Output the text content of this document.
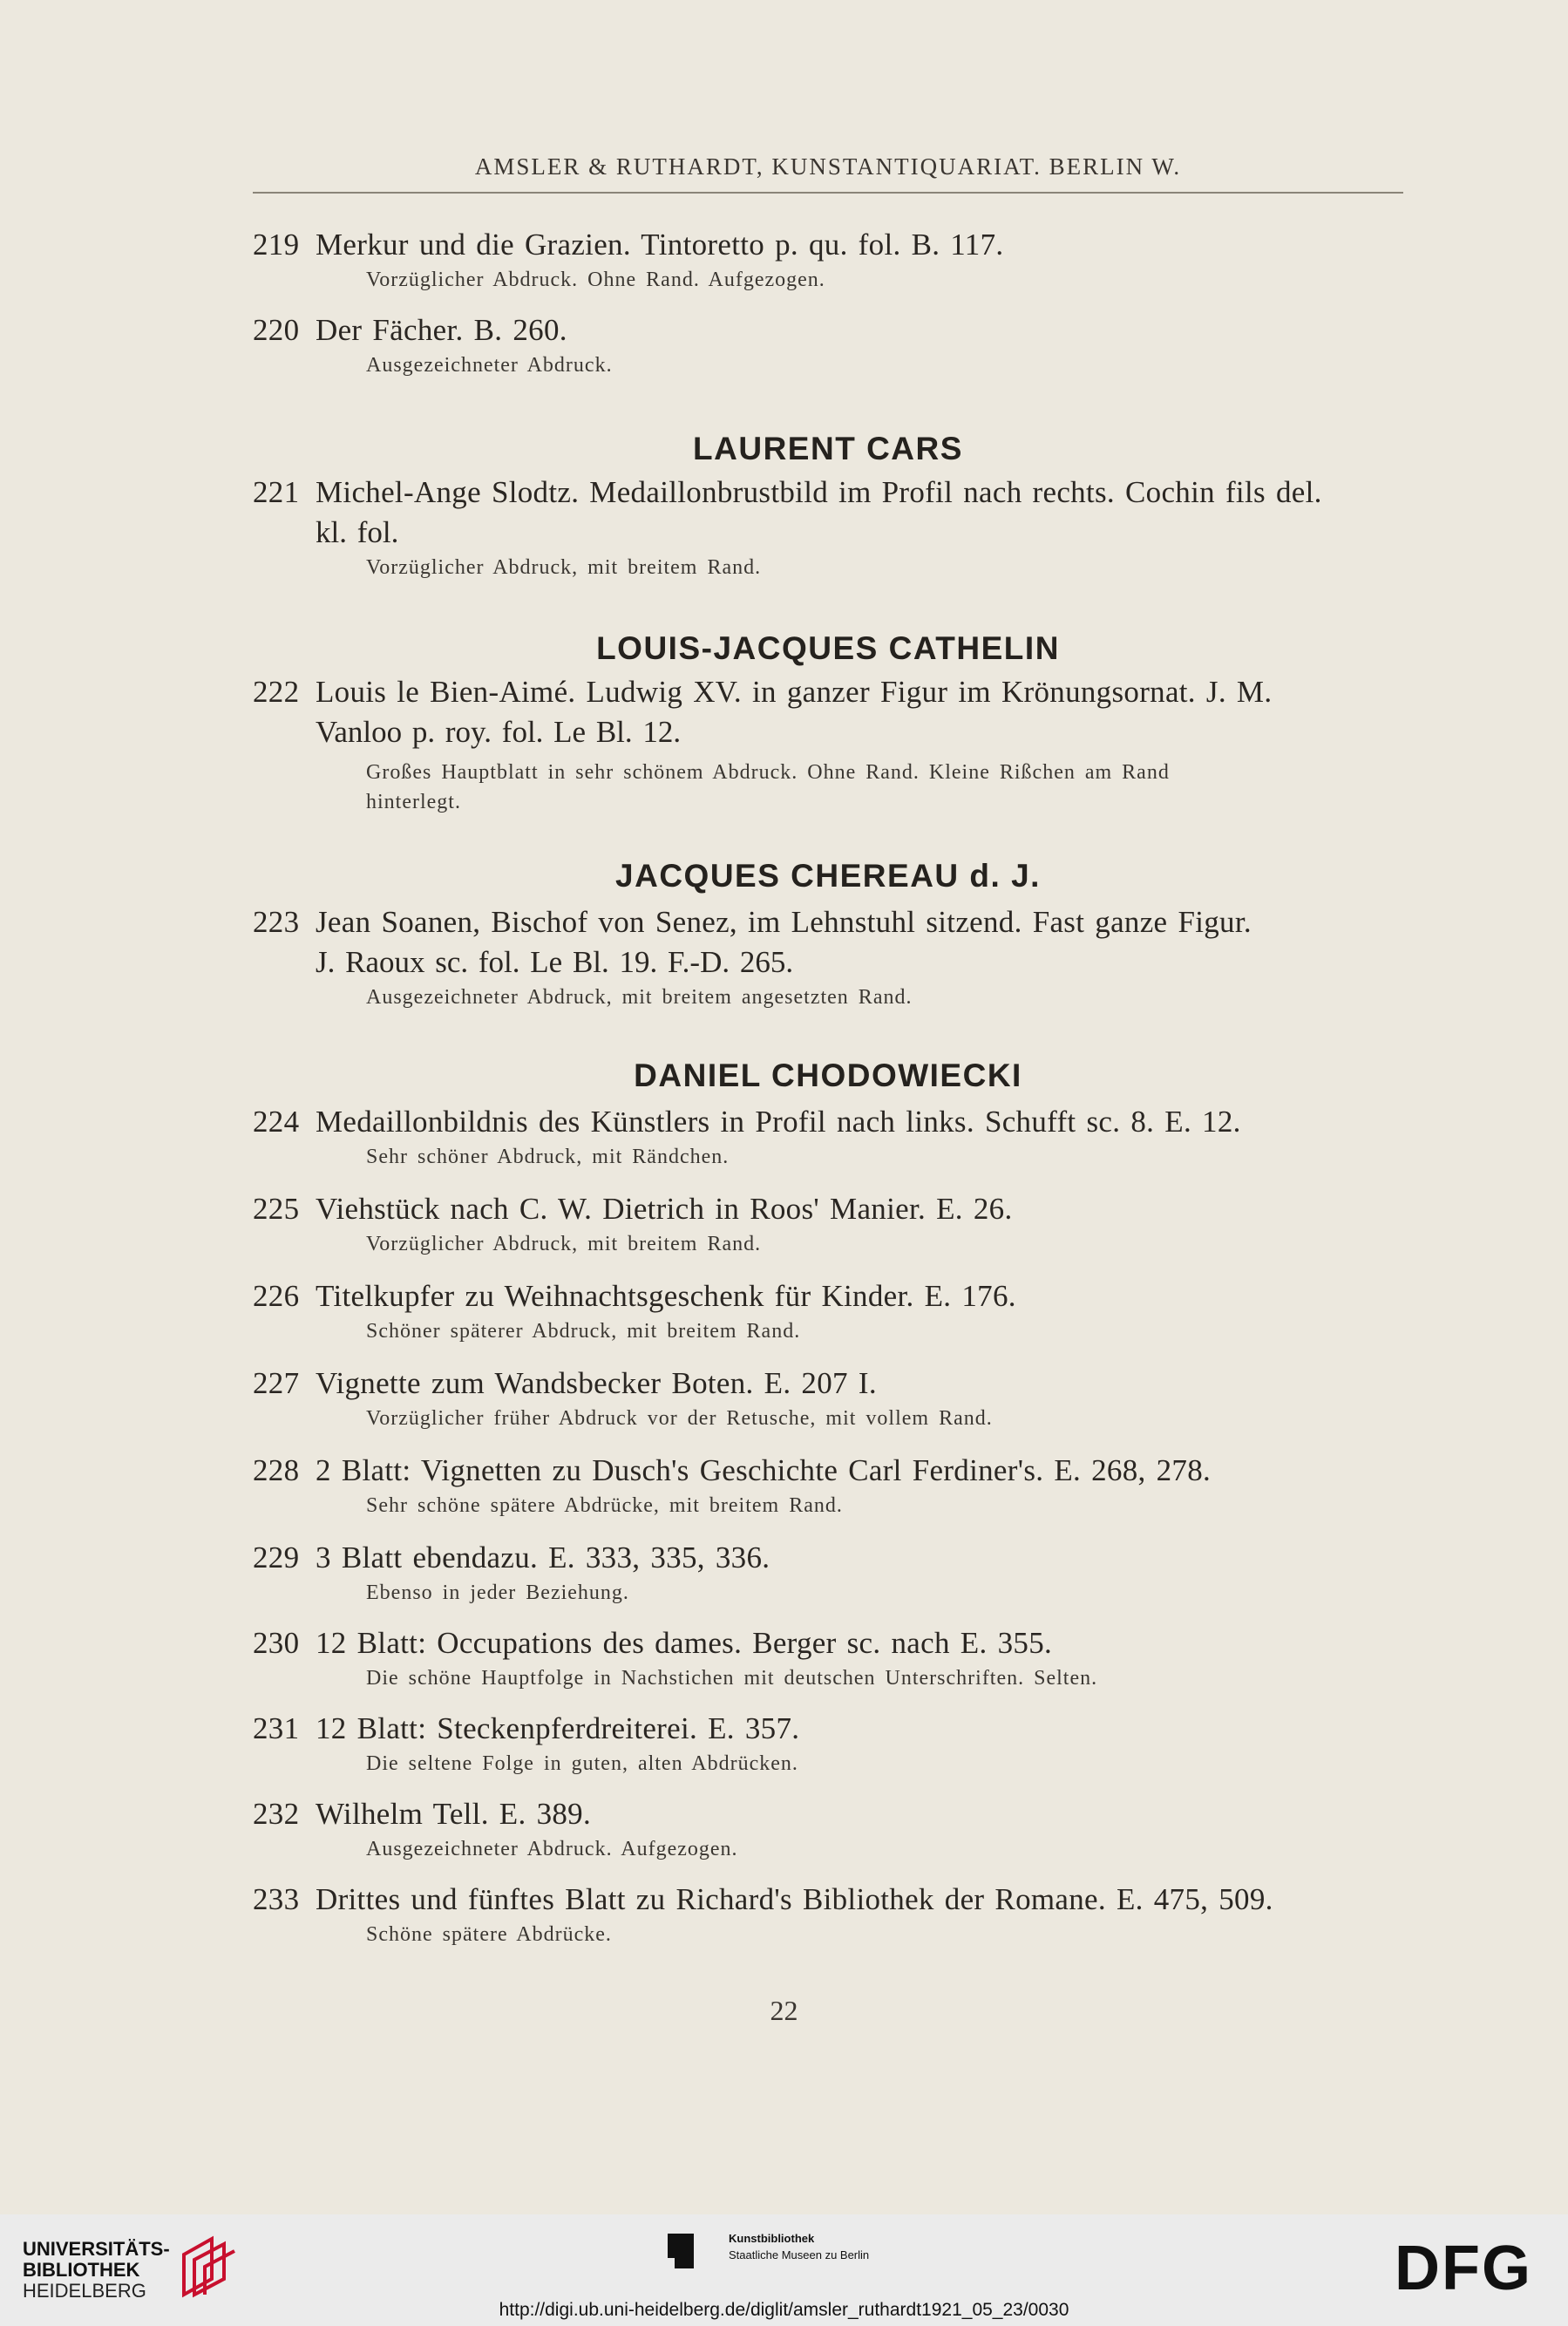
AMSLER & RUTHARDT, KUNSTANTIQUARIAT. BERLIN W.
219 Merkur und die Grazien. Tintoretto p. qu. fol. B. 117.
Vorzüglicher Abdruck. Ohne Rand. Aufgezogen.
220 Der Fächer. B. 260.
Ausgezeichneter Abdruck.
LAURENT CARS
221 Michel-Ange Slodtz. Medaillonbrustbild im Profil nach rechts. Cochin fils del.
kl. fol.
Vorzüglicher Abdruck, mit breitem Rand.
LOUIS-JACQUES CATHELIN
222 Louis le Bien-Aimé. Ludwig XV. in ganzer Figur im Krönungsornat. J. M.
Vanloo p. roy. fol. Le Bl. 12.
Großes Hauptblatt in sehr schönem Abdruck. Ohne Rand. Kleine Rißchen am Rand
hinterlegt.
JACQUES CHEREAU d. J.
223 Jean Soanen, Bischof von Senez, im Lehnstuhl sitzend. Fast ganze Figur.
J. Raoux sc. fol. Le Bl. 19. F.-D. 265.
Ausgezeichneter Abdruck, mit breitem angesetzten Rand.
DANIEL CHODOWIECKI
224 Medaillonbildnis des Künstlers in Profil nach links. Schufft sc. 8. E. 12.
Sehr schöner Abdruck, mit Rändchen.
225 Viehstück nach C. W. Dietrich in Roos' Manier. E. 26.
Vorzüglicher Abdruck, mit breitem Rand.
226 Titelkupfer zu Weihnachtsgeschenk für Kinder. E. 176.
Schöner späterer Abdruck, mit breitem Rand.
227 Vignette zum Wandsbecker Boten. E. 207 I.
Vorzüglicher früher Abdruck vor der Retusche, mit vollem Rand.
228 2 Blatt: Vignetten zu Dusch's Geschichte Carl Ferdiner's. E. 268, 278.
Sehr schöne spätere Abdrücke, mit breitem Rand.
229 3 Blatt ebendazu. E. 333, 335, 336.
Ebenso in jeder Beziehung.
230 12 Blatt: Occupations des dames. Berger sc. nach E. 355.
Die schöne Hauptfolge in Nachstichen mit deutschen Unterschriften. Selten.
231 12 Blatt: Steckenpferdreiterei. E. 357.
Die seltene Folge in guten, alten Abdrücken.
232 Wilhelm Tell. E. 389.
Ausgezeichneter Abdruck. Aufgezogen.
233 Drittes und fünftes Blatt zu Richard's Bibliothek der Romane. E. 475, 509.
Schöne spätere Abdrücke.
22
UNIVERSITÄTS-
BIBLIOTHEK
HEIDELBERG
Kunstbibliothek
Staatliche Museen zu Berlin	DFG
http://digi.ub.uni-heidelberg.de/diglit/amsler_ruthardt1921_05_23/0030
